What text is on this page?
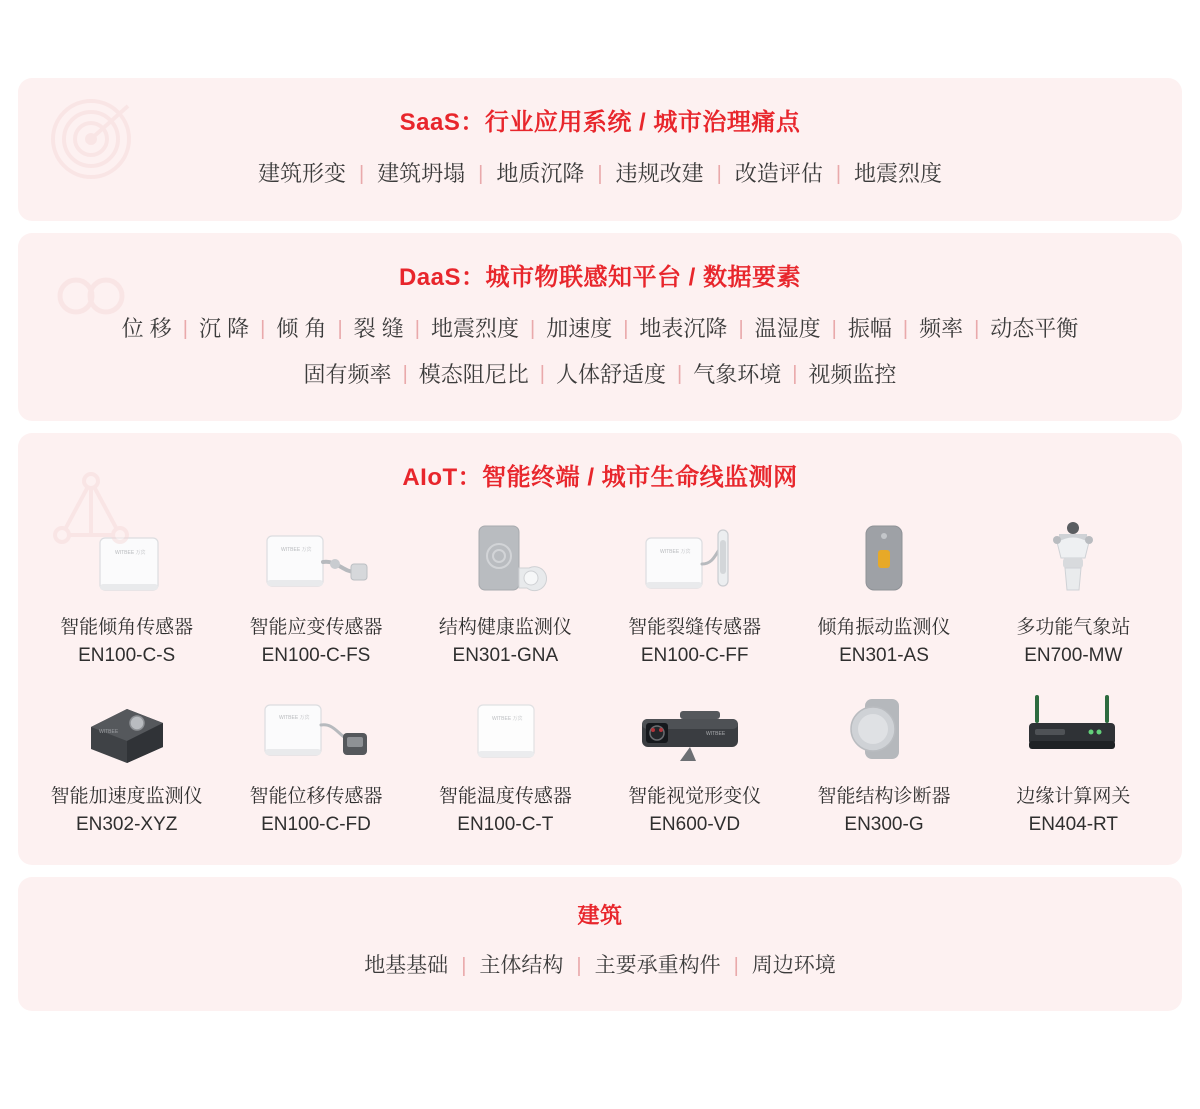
SaaS：行业应用系统 / 城市治理痛点
建筑形变 | 建筑坍塌 | 地质沉降 | 违规改建 | 改造评估 | 地震烈度
DaaS：城市物联感知平台 / 数据要素
位 移 | 沉 降 | 倾 角 | 裂 缝 | 地震烈度 | 加速度 | 地表沉降 | 温湿度 | 振幅 | 频率 | 动态平衡
固有频率 | 模态阻尼比 | 人体舒适度 | 气象环境 | 视频监控
AIoT：智能终端 / 城市生命线监测网
WITBEE 万宾
智能倾角传感器
EN100-C-S
WITBEE 万宾
智能应变传感器
EN100-C-FS
结构健康监测仪
EN301-GNA
WITBEE 万宾
智能裂缝传感器
EN100-C-FF
倾角振动监测仪
EN301-AS
多功能气象站
EN700-MW
WITBEE
智能加速度监测仪
EN302-XYZ
WITBEE 万宾
智能位移传感器
EN100-C-FD
WITBEE 万宾
智能温度传感器
EN100-C-T
WITBEE
智能视觉形变仪
EN600-VD
智能结构诊断器
EN300-G
边缘计算网关
EN404-RT
建筑
地基基础 | 主体结构 | 主要承重构件 | 周边环境
